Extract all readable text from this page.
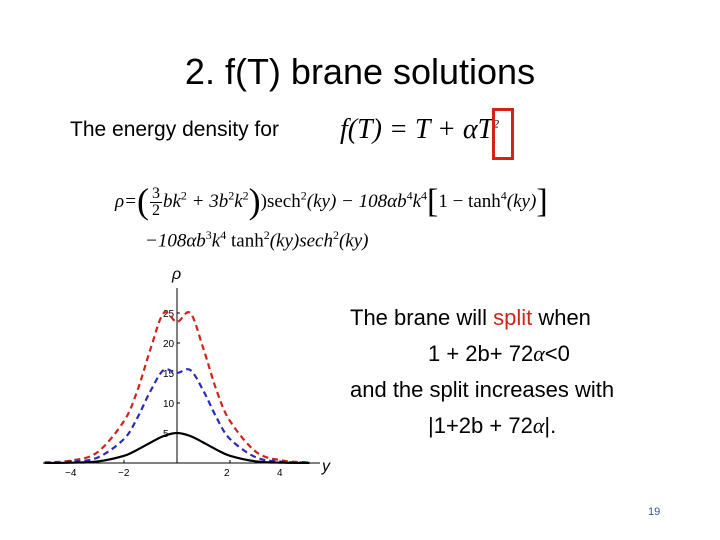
2. f(T) brane solutions
The energy density for $f(T) = T + \alpha T^2$
$\rho=( \frac{3}{2} bk^2 + 3b^2k^2))\sec h^2(ky) - 108\alpha b^4k^4[1 - \tanh^4(ky)]$
$-108\alpha b^3k^4$ $\tanh^2(ky)\sec h^2(ky)$
ρ
y
−4	−2	2	4
5
10
15
20
25	The brane will split when
1 + 2b+ 72α<0
and the split increases with
|1+2b + 72α|.
19
